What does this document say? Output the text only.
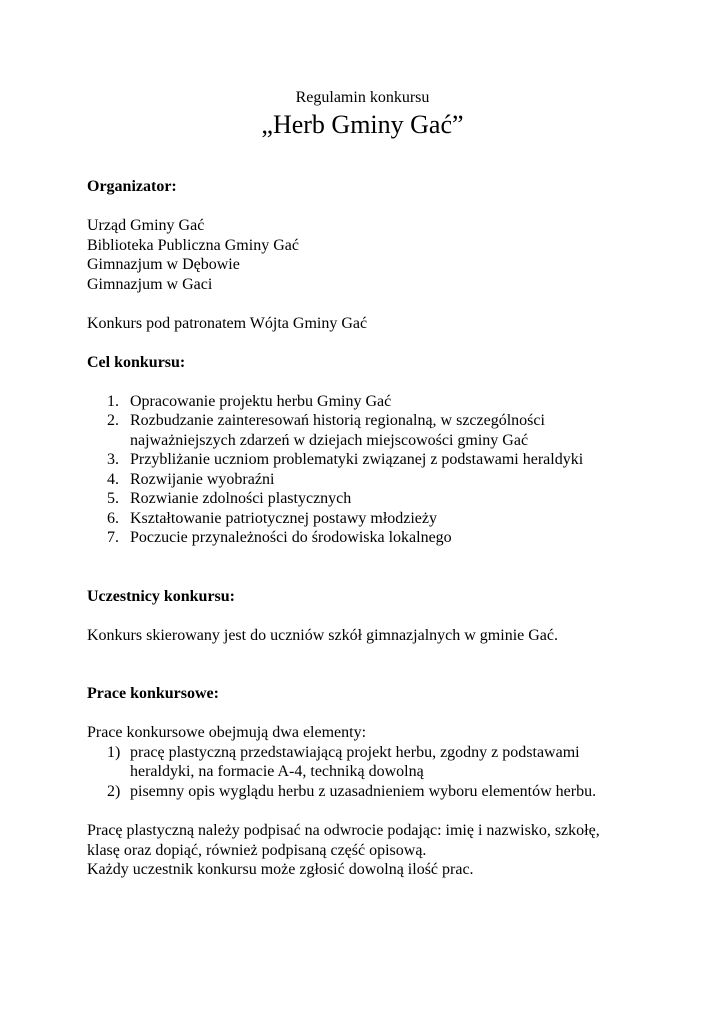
Regulamin konkursu
„Herb Gminy Gać”
Organizator:
Urząd Gminy Gać
Biblioteka Publiczna Gminy Gać
Gimnazjum w Dębowie
Gimnazjum w Gaci
Konkurs pod patronatem Wójta Gminy Gać
Cel konkursu:
1. Opracowanie projektu herbu Gminy Gać
2. Rozbudzanie zainteresowań historią regionalną, w szczególności
najważniejszych zdarzeń w dziejach miejscowości gminy Gać
3. Przybliżanie uczniom problematyki związanej z podstawami heraldyki
4. Rozwijanie wyobraźni
5. Rozwianie zdolności plastycznych
6. Kształtowanie patriotycznej postawy młodzieży
7. Poczucie przynależności do środowiska lokalnego
Uczestnicy konkursu:
Konkurs skierowany jest do uczniów szkół gimnazjalnych w gminie Gać.
Prace konkursowe:
Prace konkursowe obejmują dwa elementy:
1) pracę plastyczną przedstawiającą projekt herbu, zgodny z podstawami
heraldyki, na formacie A-4, techniką dowolną
2) pisemny opis wyglądu herbu z uzasadnieniem wyboru elementów herbu.
Pracę plastyczną należy podpisać na odwrocie podając: imię i nazwisko, szkołę,
klasę oraz dopiąć, również podpisaną część opisową.
Każdy uczestnik konkursu może zgłosić dowolną ilość prac.
